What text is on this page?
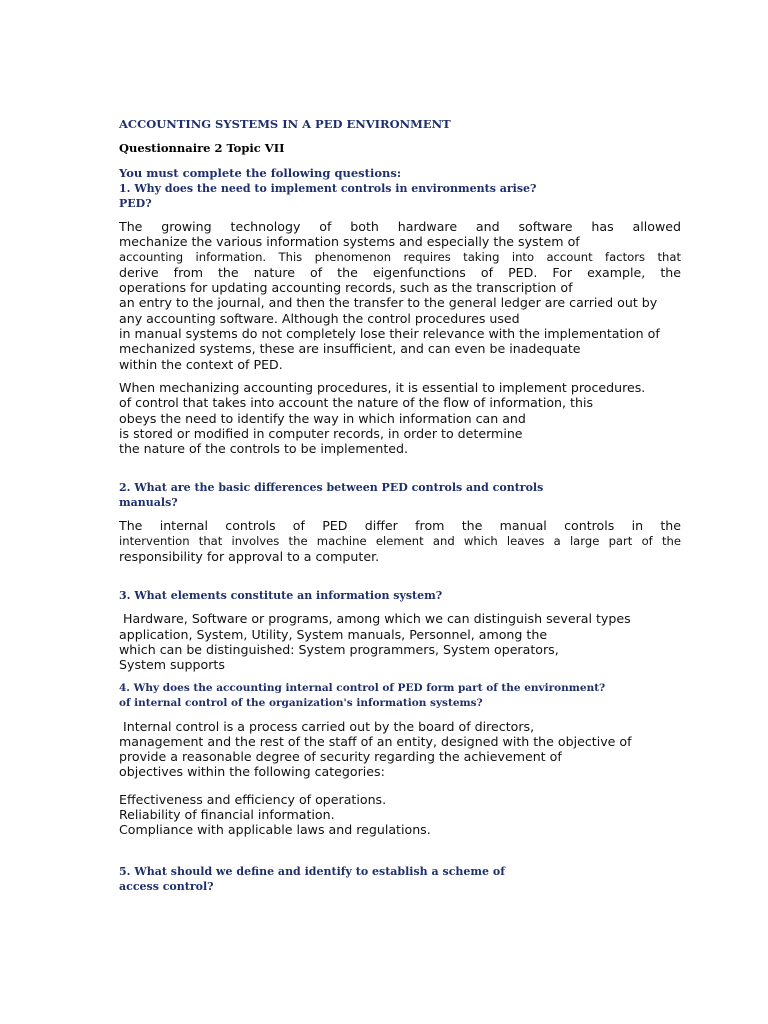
ACCOUNTING SYSTEMS IN A PED ENVIRONMENT

Questionnaire 2 Topic VII

You must complete the following questions:

1. Why does the need to implement controls in environments arise?
PED?
The growing technology of both hardware and software has allowed
mechanize the various information systems and especially the system of
accounting information. This phenomenon requires taking into account factors that
derive from the nature of the eigenfunctions of PED. For example, the
operations for updating accounting records, such as the transcription of
an entry to the journal, and then the transfer to the general ledger are carried out by
any accounting software. Although the control procedures used
in manual systems do not completely lose their relevance with the implementation of
mechanized systems, these are insufficient, and can even be inadequate
within the context of PED.
When mechanizing accounting procedures, it is essential to implement procedures.
of control that takes into account the nature of the flow of information, this
obeys the need to identify the way in which information can and
is stored or modified in computer records, in order to determine
the nature of the controls to be implemented.
2. What are the basic differences between PED controls and controls
manuals?
The internal controls of PED differ from the manual controls in the
intervention that involves the machine element and which leaves a large part of the
responsibility for approval to a computer.
3. What elements constitute an information system?
Hardware, Software or programs, among which we can distinguish several types
application, System, Utility, System manuals, Personnel, among the
which can be distinguished: System programmers, System operators,
System supports
4. Why does the accounting internal control of PED form part of the environment?
of internal control of the organization's information systems?
Internal control is a process carried out by the board of directors,
management and the rest of the staff of an entity, designed with the objective of
provide a reasonable degree of security regarding the achievement of
objectives within the following categories:
Effectiveness and efficiency of operations.
Reliability of financial information.
Compliance with applicable laws and regulations.
5. What should we define and identify to establish a scheme of
access control?
